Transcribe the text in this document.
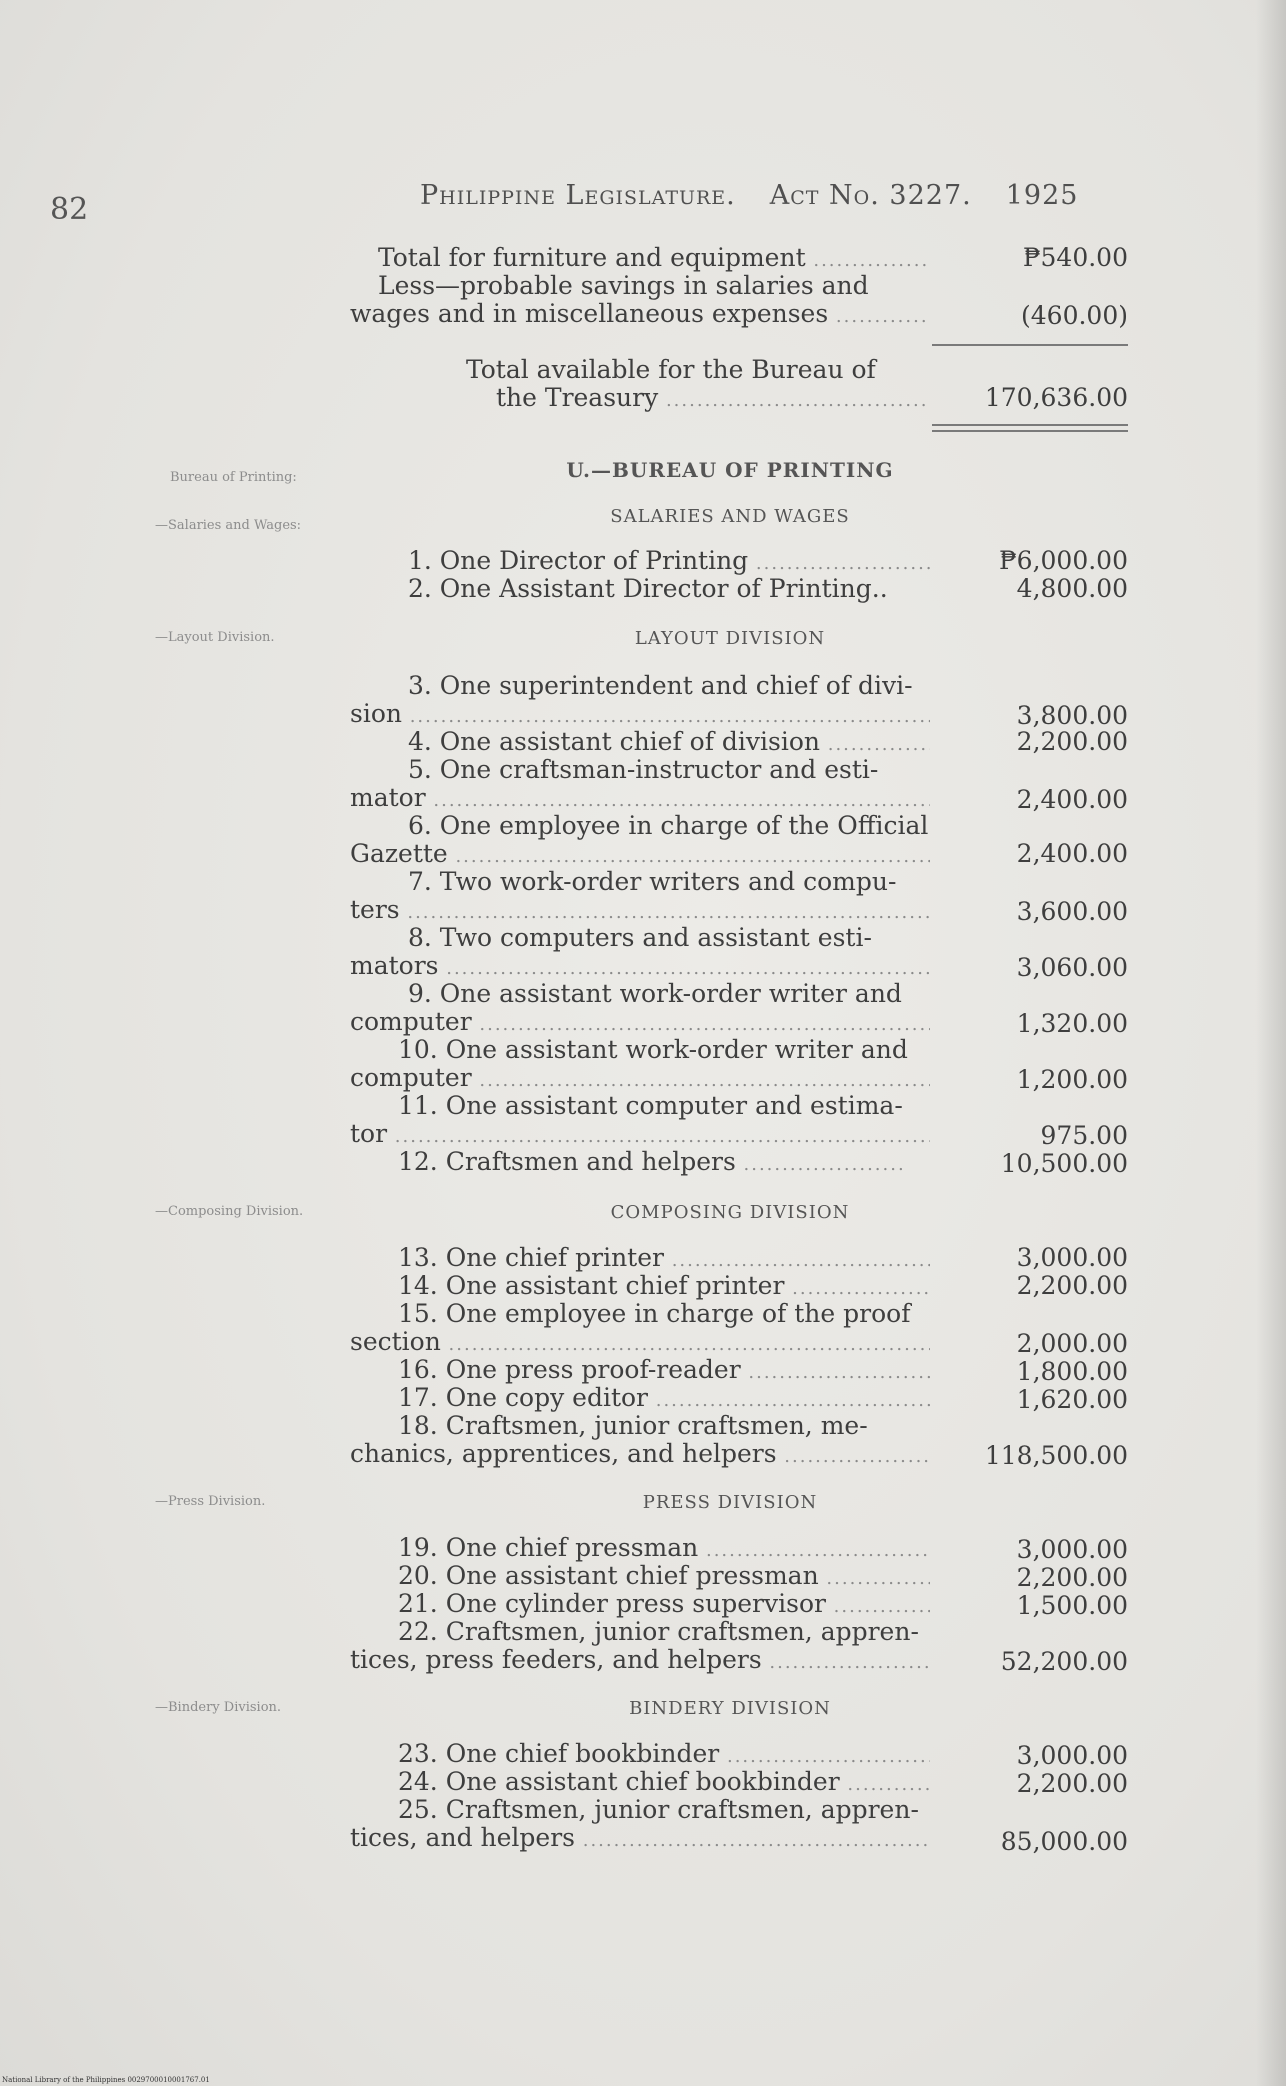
82	Philippine Legislature. Act No. 3227. 1925
Total for furniture and equipment .....	₱540.00
Less—probable savings in salaries and
wages and in miscellaneous expenses .....	(460.00)
Total available for the Bureau of
the Treasury .....	170,636.00
Bureau of Printing:	U.—BUREAU OF PRINTING
—Salaries and Wages:	SALARIES AND WAGES
1. One Director of Printing .....	₱6,000.00
2. One Assistant Director of Printing..	4,800.00
—Layout Division.	LAYOUT DIVISION
3. One superintendent and chief of divi-
sion .....	3,800.00
4. One assistant chief of division .....	2,200.00
5. One craftsman-instructor and esti-
mator .....	2,400.00
6. One employee in charge of the Official
Gazette .....	2,400.00
7. Two work-order writers and compu-
ters .....	3,600.00
8. Two computers and assistant esti-
mators .....	3,060.00
9. One assistant work-order writer and
computer .....	1,320.00
10. One assistant work-order writer and
computer .....	1,200.00
11. One assistant computer and estima-
tor .....	975.00
12. Craftsmen and helpers .....	10,500.00
—Composing Division.	COMPOSING DIVISION
13. One chief printer .....	3,000.00
14. One assistant chief printer .....	2,200.00
15. One employee in charge of the proof
section .....	2,000.00
16. One press proof-reader .....	1,800.00
17. One copy editor .....	1,620.00
18. Craftsmen, junior craftsmen, me-
chanics, apprentices, and helpers .....	118,500.00
—Press Division.	PRESS DIVISION
19. One chief pressman .....	3,000.00
20. One assistant chief pressman .....	2,200.00
21. One cylinder press supervisor .....	1,500.00
22. Craftsmen, junior craftsmen, appren-
tices, press feeders, and helpers .....	52,200.00
—Bindery Division.	BINDERY DIVISION
23. One chief bookbinder .....	3,000.00
24. One assistant chief bookbinder .....	2,200.00
25. Craftsmen, junior craftsmen, appren-
tices, and helpers .....	85,000.00
National Library of the Philippines 0029700010001767.01
